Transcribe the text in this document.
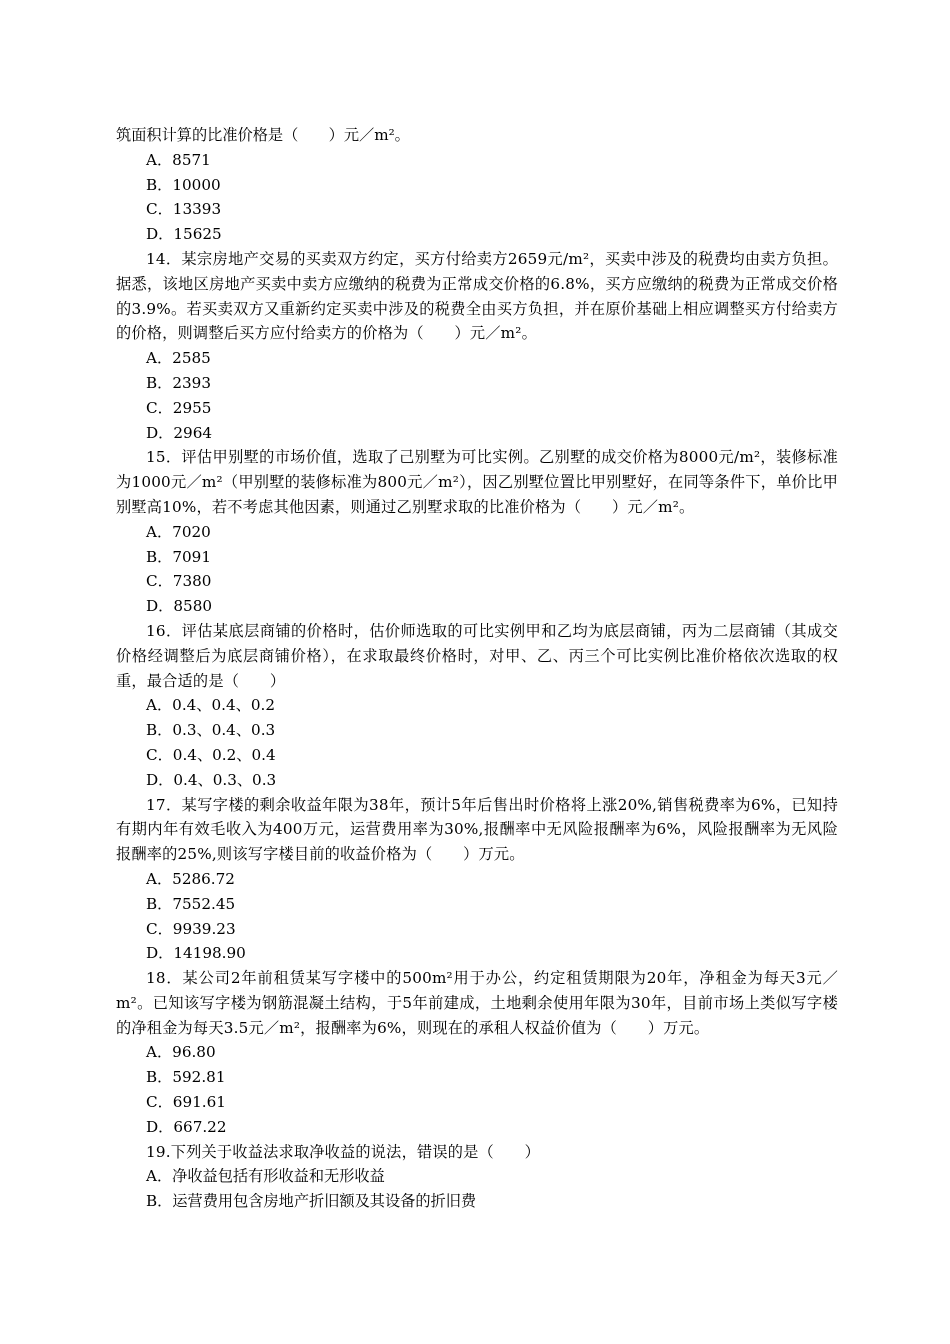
筑面积计算的比准价格是（　　）元／m²。

A．8571

B．10000

C．13393

D．15625

14．某宗房地产交易的买卖双方约定，买方付给卖方2659元/m²，买卖中涉及的税费均由卖方负担。据悉，该地区房地产买卖中卖方应缴纳的税费为正常成交价格的6.8%，买方应缴纳的税费为正常成交价格的3.9%。若买卖双方又重新约定买卖中涉及的税费全由买方负担，并在原价基础上相应调整买方付给卖方的价格，则调整后买方应付给卖方的价格为（　　）元／m²。

A．2585

B．2393

C．2955

D．2964

15．评估甲别墅的市场价值，选取了己别墅为可比实例。乙别墅的成交价格为8000元/m²，装修标准为1000元／m²（甲别墅的装修标准为800元／m²），因乙别墅位置比甲别墅好，在同等条件下，单价比甲别墅高10%，若不考虑其他因素，则通过乙别墅求取的比准价格为（　　）元／m²。

A．7020

B．7091

C．7380

D．8580

16．评估某底层商铺的价格时，估价师选取的可比实例甲和乙均为底层商铺，丙为二层商铺（其成交价格经调整后为底层商铺价格），在求取最终价格时，对甲、乙、丙三个可比实例比准价格依次选取的权重，最合适的是（　　）

A．0.4、0.4、0.2

B．0.3、0.4、0.3

C．0.4、0.2、0.4

D．0.4、0.3、0.3

17．某写字楼的剩余收益年限为38年，预计5年后售出时价格将上涨20%,销售税费率为6%，已知持有期内年有效毛收入为400万元，运营费用率为30%,报酬率中无风险报酬率为6%，风险报酬率为无风险报酬率的25%,则该写字楼目前的收益价格为（　　）万元。

A．5286.72

B．7552.45

C．9939.23

D．14198.90

18．某公司2年前租赁某写字楼中的500m²用于办公，约定租赁期限为20年，净租金为每天3元／m²。已知该写字楼为钢筋混凝土结构，于5年前建成，土地剩余使用年限为30年，目前市场上类似写字楼的净租金为每天3.5元／m²，报酬率为6%，则现在的承租人权益价值为（　　）万元。

A．96.80

B．592.81

C．691.61

D．667.22

19.下列关于收益法求取净收益的说法，错误的是（　　）

A．净收益包括有形收益和无形收益

B．运营费用包含房地产折旧额及其设备的折旧费
